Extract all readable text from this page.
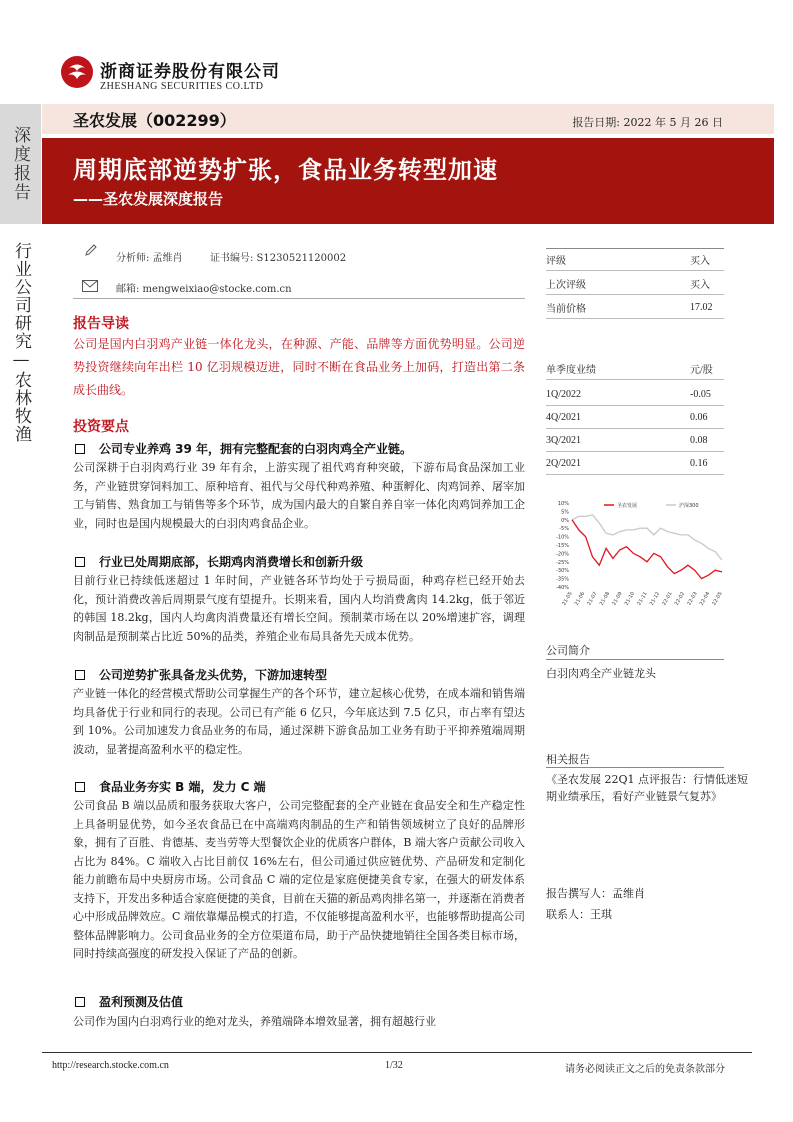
浙商证券股份有限公司
ZHESHANG SECURITIES CO.LTD
深度报告
行业公司研究—农林牧渔
圣农发展（002299）	报告日期: 2022 年 5 月 26 日
周期底部逆势扩张，食品业务转型加速
——圣农发展深度报告
分析师: 孟维肖	证书编号: S1230521120002
邮箱: mengweixiao@stocke.com.cn
报告导读
公司是国内白羽鸡产业链一体化龙头，在种源、产能、品牌等方面优势明显。公司逆势投资继续向年出栏 10 亿羽规模迈进，同时不断在食品业务上加码，打造出第二条成长曲线。
投资要点
公司专业养鸡 39 年，拥有完整配套的白羽肉鸡全产业链。
公司深耕于白羽肉鸡行业 39 年有余，上游实现了祖代鸡育种突破，下游布局食品深加工业务，产业链贯穿饲料加工、原种培育、祖代与父母代种鸡养殖、种蛋孵化、肉鸡饲养、屠宰加工与销售、熟食加工与销售等多个环节，成为国内最大的自繁自养自宰一体化肉鸡饲养加工企业，同时也是国内规模最大的白羽肉鸡食品企业。
行业已处周期底部，长期鸡肉消费增长和创新升级
目前行业已持续低迷超过 1 年时间，产业链各环节均处于亏损局面，种鸡存栏已经开始去化，预计消费改善后周期景气度有望提升。长期来看，国内人均消费禽肉 14.2kg，低于邻近的韩国 18.2kg，国内人均禽肉消费量还有增长空间。预制菜市场在以 20%增速扩容，调理肉制品是预制菜占比近 50%的品类，养殖企业布局具备先天成本优势。
公司逆势扩张具备龙头优势，下游加速转型
产业链一体化的经营模式帮助公司掌握生产的各个环节，建立起核心优势，在成本端和销售端均具备优于行业和同行的表现。公司已有产能 6 亿只，今年底达到 7.5 亿只，市占率有望达到 10%。公司加速发力食品业务的布局，通过深耕下游食品加工业务有助于平抑养殖端周期波动，显著提高盈利水平的稳定性。
食品业务夯实 B 端，发力 C 端
公司食品 B 端以品质和服务获取大客户，公司完整配套的全产业链在食品安全和生产稳定性上具备明显优势，如今圣农食品已在中高端鸡肉制品的生产和销售领域树立了良好的品牌形象，拥有了百胜、肯德基、麦当劳等大型餐饮企业的优质客户群体，B 端大客户贡献公司收入占比为 84%。C 端收入占比目前仅 16%左右，但公司通过供应链优势、产品研发和定制化能力前瞻布局中央厨房市场。公司食品 C 端的定位是家庭便捷美食专家，在强大的研发体系支持下，开发出多种适合家庭便捷的美食，目前在天猫的新品鸡肉排名第一，并逐渐在消费者心中形成品牌效应。C 端依靠爆品模式的打造，不仅能够提高盈利水平，也能够帮助提高公司整体品牌影响力。公司食品业务的全方位渠道布局，助于产品快捷地销往全国各类目标市场，同时持续高强度的研发投入保证了产品的创新。
盈利预测及估值
公司作为国内白羽鸡行业的绝对龙头，养殖端降本增效显著，拥有超越行业
评级	买入
上次评级	买入
当前价格	17.02
单季度业绩	元/股
1Q/2022	-0.05
4Q/2021	0.06
3Q/2021	0.08
2Q/2021	0.16
10%
5%
0%
-5%
-10%
-15%
-20%
-25%
-30%
-35%
-40%
21-05 21-06 21-07 21-08 21-09 21-10 21-11 21-12 22-01 22-02 22-03 22-04 22-05
圣农发展	沪深300
公司简介
白羽肉鸡全产业链龙头
相关报告
《圣农发展 22Q1 点评报告：行情低迷短期业绩承压，看好产业链景气复苏》
报告撰写人：孟维肖
联系人：王琪
http://research.stocke.com.cn	1/32	请务必阅读正文之后的免责条款部分
